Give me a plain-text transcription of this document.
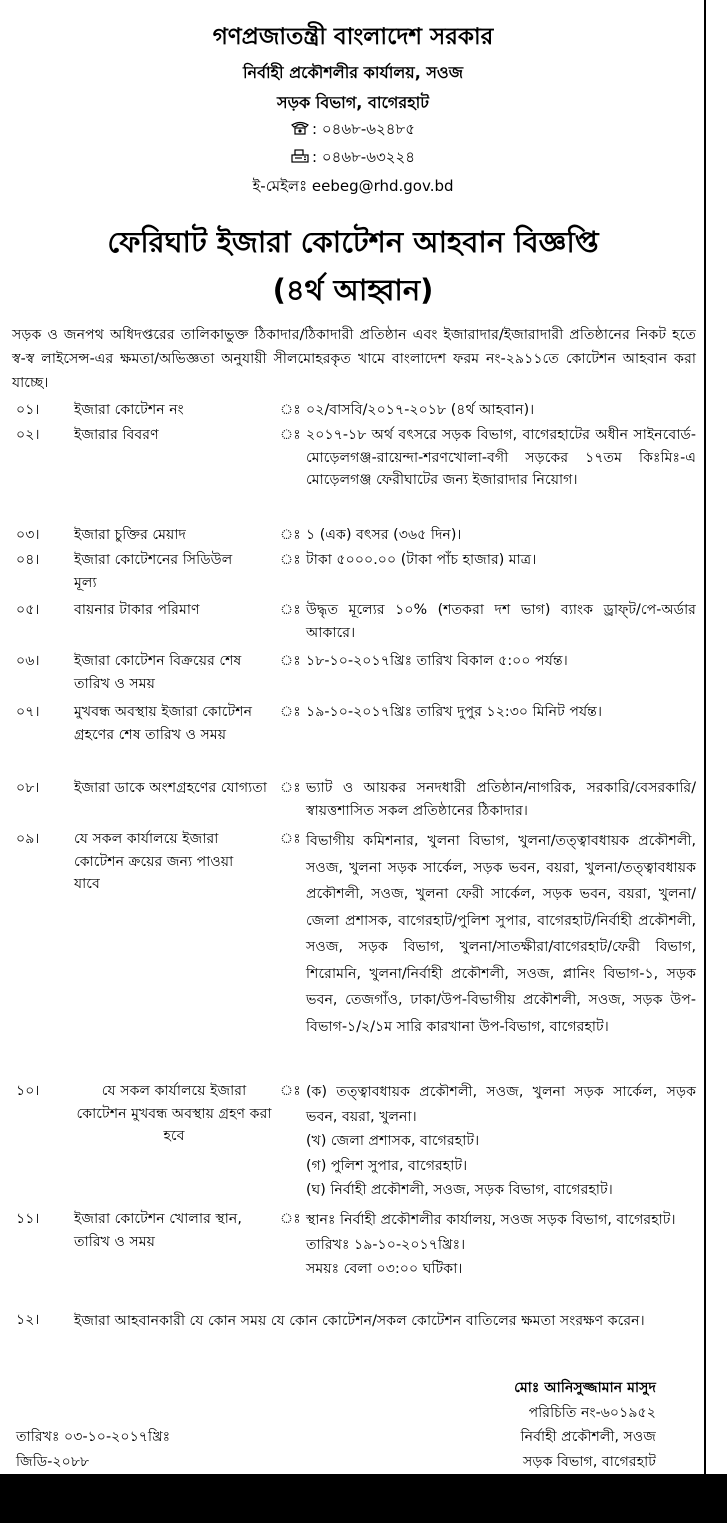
গণপ্রজাতন্ত্রী বাংলাদেশ সরকার
নির্বাহী প্রকৌশলীর কার্যালয়, সওজ
সড়ক বিভাগ, বাগেরহাট
: ০৪৬৮-৬২৪৮৫
: ০৪৬৮-৬৩২২৪
ই-মেইলঃ eebeg@rhd.gov.bd
ফেরিঘাট ইজারা কোটেশন আহবান বিজ্ঞপ্তি
(৪র্থ আহ্বান)
সড়ক ও জনপথ অধিদপ্তরের তালিকাভুক্ত ঠিকাদার/ঠিকাদারী প্রতিষ্ঠান এবং ইজারাদার/ইজারাদারী প্রতিষ্ঠানের নিকট হতে স্ব-স্ব লাইসেন্স-এর ক্ষমতা/অভিজ্ঞতা অনুযায়ী সীলমোহরকৃত খামে বাংলাদেশ ফরম নং-২৯১১তে কোটেশন আহবান করা যাচ্ছে।
০১।	ইজারা কোটেশন নং	ঃ ০২/বাসবি/২০১৭-২০১৮ (৪র্থ আহবান)।

০২।	ইজারার বিবরণ	ঃ ২০১৭-১৮ অর্থ বৎসরে সড়ক বিভাগ, বাগেরহাটের অধীন সাইনবোর্ড-মোড়েলগঞ্জ-রায়েন্দা-শরণখোলা-বগী সড়কের ১৭তম কিঃমিঃ-এ মোড়েলগঞ্জ ফেরীঘাটের জন্য ইজারাদার নিয়োগ।

০৩।	ইজারা চুক্তির মেয়াদ	ঃ ১ (এক) বৎসর (৩৬৫ দিন)।

০৪।	ইজারা কোটেশনের সিডিউল মূল্য
ঃ টাকা ৫০০০.০০ (টাকা পাঁচ হাজার) মাত্র।

০৫।	বায়নার টাকার পরিমাণ	ঃ উদ্ধৃত মূল্যের ১০% (শতকরা দশ ভাগ) ব্যাংক ড্রাফ্‌ট/পে-অর্ডার আকারে।

০৬।	ইজারা কোটেশন বিক্রয়ের শেষ তারিখ ও সময়
ঃ ১৮-১০-২০১৭খ্রিঃ তারিখ বিকাল ৫:০০ পর্যন্ত।

০৭।	মুখবন্ধ অবস্থায় ইজারা কোটেশন গ্রহণের শেষ তারিখ ও সময়
ঃ ১৯-১০-২০১৭খ্রিঃ তারিখ দুপুর ১২:৩০ মিনিট পর্যন্ত।

০৮।	ইজারা ডাকে অংশগ্রহণের যোগ্যতা ঃ ভ্যাট ও আয়কর সনদধারী প্রতিষ্ঠান/নাগরিক, সরকারি/বেসরকারি/স্বায়ত্তশাসিত সকল প্রতিষ্ঠানের ঠিকাদার।

০৯।	যে সকল কার্যালয়ে ইজারা কোটেশন ক্রয়ের জন্য পাওয়া যাবে
ঃ বিভাগীয় কমিশনার, খুলনা বিভাগ, খুলনা/তত্ত্বাবধায়ক প্রকৌশলী, সওজ, খুলনা সড়ক সার্কেল, সড়ক ভবন, বয়রা, খুলনা/তত্ত্বাবধায়ক প্রকৌশলী, সওজ, খুলনা ফেরী সার্কেল, সড়ক ভবন, বয়রা, খুলনা/জেলা প্রশাসক, বাগেরহাট/পুলিশ সুপার, বাগেরহাট/নির্বাহী প্রকৌশলী, সওজ, সড়ক বিভাগ, খুলনা/সাতক্ষীরা/বাগেরহাট/ফেরী বিভাগ, শিরোমনি, খুলনা/নির্বাহী প্রকৌশলী, সওজ, প্লানিং বিভাগ-১, সড়ক ভবন, তেজগাঁও, ঢাকা/উপ-বিভাগীয় প্রকৌশলী, সওজ, সড়ক উপ-বিভাগ-১/২/১ম সারি কারখানা উপ-বিভাগ, বাগেরহাট।

১০।	যে সকল কার্যালয়ে ইজারা কোটেশন মুখবন্ধ অবস্থায় গ্রহণ করা হবে
ঃ (ক) তত্ত্বাবধায়ক প্রকৌশলী, সওজ, খুলনা সড়ক সার্কেল, সড়ক ভবন, বয়রা, খুলনা।

(খ) জেলা প্রশাসক, বাগেরহাট।

(গ) পুলিশ সুপার, বাগেরহাট।

(ঘ) নির্বাহী প্রকৌশলী, সওজ, সড়ক বিভাগ, বাগেরহাট।

১১।	ইজারা কোটেশন খোলার স্থান, তারিখ ও সময়
ঃ স্থানঃ নির্বাহী প্রকৌশলীর কার্যালয়, সওজ সড়ক বিভাগ, বাগেরহাট।

তারিখঃ ১৯-১০-২০১৭খ্রিঃ।

সময়ঃ বেলা ০৩:০০ ঘটিকা।

১২।	ইজারা আহবানকারী যে কোন সময় যে কোন কোটেশন/সকল কোটেশন বাতিলের ক্ষমতা সংরক্ষণ করেন।
মোঃ আনিসুজ্জামান মাসুদ
পরিচিতি নং-৬০১৯৫২
নির্বাহী প্রকৌশলী, সওজ
সড়ক বিভাগ, বাগেরহাট
তারিখঃ ০৩-১০-২০১৭খ্রিঃ
জিডি-২০৮৮
